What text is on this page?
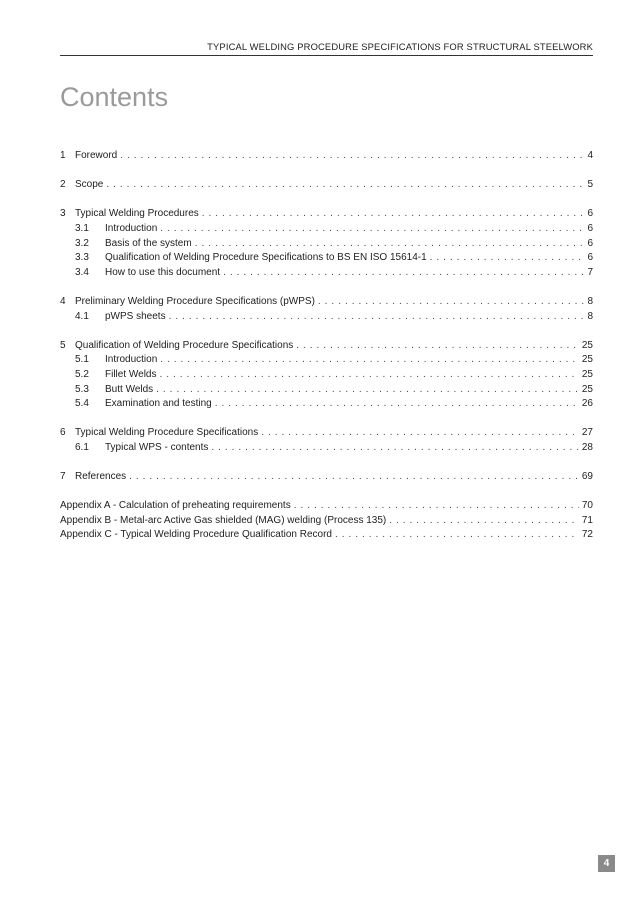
TYPICAL WELDING PROCEDURE SPECIFICATIONS FOR STRUCTURAL STEELWORK
Contents
1 Foreword . . .	4
2 Scope . . .	5
3 Typical Welding Procedures . . .	6
3.1	Introduction . . .	6
3.2	Basis of the system . . .	6
3.3	Qualification of Welding Procedure Specifications to BS EN ISO 15614-1 . . .	6
3.4	How to use this document . . .	7
4 Preliminary Welding Procedure Specifications (pWPS) . . .	8
4.1	pWPS sheets . . .	8
5 Qualification of Welding Procedure Specifications . . .	25
5.1	Introduction . . .	25
5.2	Fillet Welds . . .	25
5.3	Butt Welds . . .	25
5.4	Examination and testing . . .	26
6 Typical Welding Procedure Specifications . . .	27
6.1	Typical WPS - contents . . .	28
7 References . . .	69
Appendix A - Calculation of preheating requirements . . .	70
Appendix B - Metal-arc Active Gas shielded (MAG) welding (Process 135) . . .	71
Appendix C - Typical Welding Procedure Qualification Record . . .	72
4
